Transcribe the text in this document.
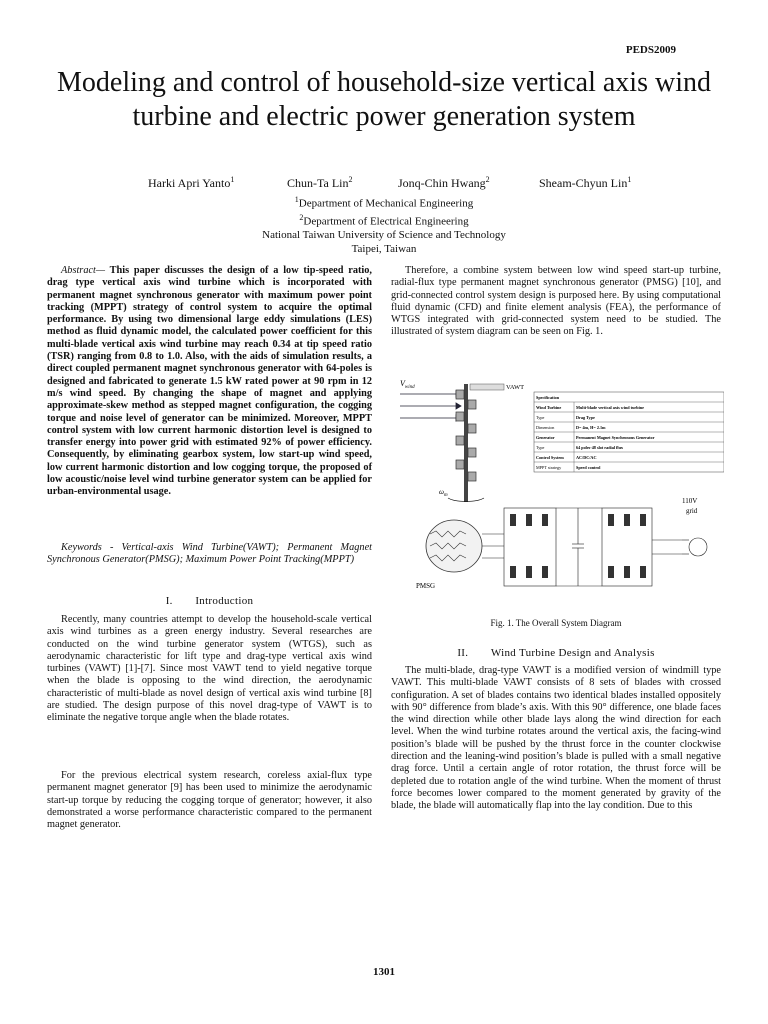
PEDS2009
Modeling and control of household-size vertical axis wind turbine and electric power generation system
Harki Apri Yanto$^1$	Chun-Ta Lin$^2$	Jonq-Chin Hwang$^2$	Sheam-Chyun Lin$^1$
$^1$Department of Mechanical Engineering
$^2$Department of Electrical Engineering
National Taiwan University of Science and Technology
Taipei, Taiwan

Abstract— This paper discusses the design of a low tip-speed ratio, drag type vertical axis wind turbine which is incorporated with permanent magnet synchronous generator with maximum power point tracking (MPPT) strategy of control system to acquire the optimal performance. By using two dimensional large eddy simulations (LES) method as fluid dynamic model, the calculated power coefficient for this multi-blade vertical axis wind turbine may reach 0.34 at tip speed ratio (TSR) ranging from 0.8 to 1.0. Also, with the aids of simulation results, a direct coupled permanent magnet synchronous generator with 64-poles is designed and fabricated to generate 1.5 kW rated power at 90 rpm in 12 m/s wind speed. By changing the shape of magnet and applying approximate-skew method as stepped magnet configuration, the cogging torque and noise level of generator can be minimized. Moreover, MPPT control system with low current harmonic distortion level is designed to transfer energy into power grid with estimated 92% of power efficiency. Consequently, by eliminating gearbox system, low start-up wind speed, low current harmonic distortion and low cogging torque, the proposed of low acoustic/noise level wind turbine generator system can be applied for urban-environmental usage.

Keywords - Vertical-axis Wind Turbine(VAWT); Permanent Magnet Synchronous Generator(PMSG); Maximum Power Point Tracking(MPPT)

I.  Introduction

Recently, many countries attempt to develop the household-scale vertical axis wind turbines as a green energy industry. Several researches are conducted on the wind turbine generator system (WTGS), such as aerodynamic characteristic for lift type and drag-type vertical axis wind turbines (VAWT) [1]-[7]. Since most VAWT tend to yield negative torque when the blade is opposing to the wind direction, the aerodynamic characteristic of multi-blade as novel design of vertical axis wind turbine [8] are studied. The design purpose of this novel drag-type of VAWT is to eliminate the negative torque angle when the blade rotates.

For the previous electrical system research, coreless axial-flux type permanent magnet generator [9] has been used to minimize the aerodynamic start-up torque by reducing the cogging torque of generator; however, it also demonstrated a worse performance characteristic compared to the permanent magnet generator.

Therefore, a combine system between low wind speed start-up turbine, radial-flux type permanent magnet synchronous generator (PMSG) [10], and grid-connected control system design is purposed here. By using computational fluid dynamic (CFD) and finite element analysis (FEA), the performance of WTGS integrated with grid-connected system need to be studied. The illustrated of system diagram can be seen on Fig. 1.

$V_{wind}$	VAWT
$\omega_m$
Specification
Wind Turbine	Multi-blade vertical axis wind turbine
Type	Drag Type
Dimension	D= 4m, H= 2.1m
Generator	Permanent Magnet Synchronous Generator
Type	64 poles-48 slot radial flux
Control System	AC/DC/AC
MPPT strategy	Speed control
PMSG
110V
grid
Fig. 1. The Overall System Diagram
II.  Wind Turbine Design and Analysis

The multi-blade, drag-type VAWT is a modified version of windmill type VAWT. This multi-blade VAWT consists of 8 sets of blades with crossed configuration. A set of blades contains two identical blades installed oppositely with 90° difference from blade’s axis. With this 90° difference, one blade faces the wind direction while other blade lays along the wind direction for each level. When the wind turbine rotates around the vertical axis, the facing-wind position’s blade will be pushed by the thrust force in the counter clockwise direction and the leaning-wind position’s blade is pulled with a small negative drag force. Until a certain angle of rotor rotation, the thrust force will be depleted due to rotation angle of the wind turbine. When the moment of thrust force becomes lower compared to the moment generated by gravity of the blade, the blade will automatically flap into the lay condition. Due to this

1301
